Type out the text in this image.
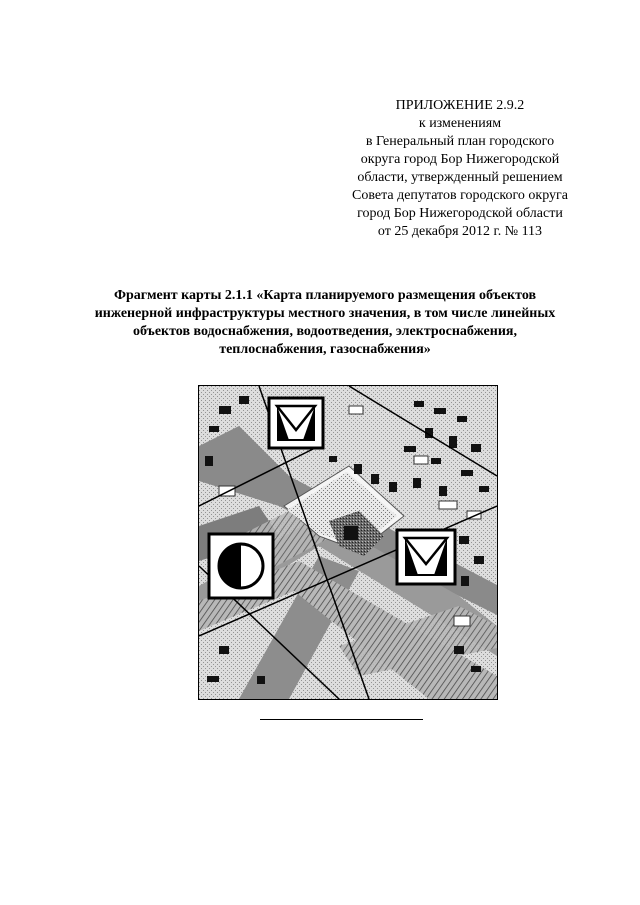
ПРИЛОЖЕНИЕ 2.9.2
к изменениям
в Генеральный план городского
округа город Бор Нижегородской
области, утвержденный решением
Совета депутатов городского округа
город Бор Нижегородской области
от 25 декабря 2012 г. № 113
Фрагмент карты 2.1.1 «Карта планируемого размещения объектов
инженерной инфраструктуры местного значения, в том числе линейных
объектов водоснабжения, водоотведения, электроснабжения,
теплоснабжения, газоснабжения»
